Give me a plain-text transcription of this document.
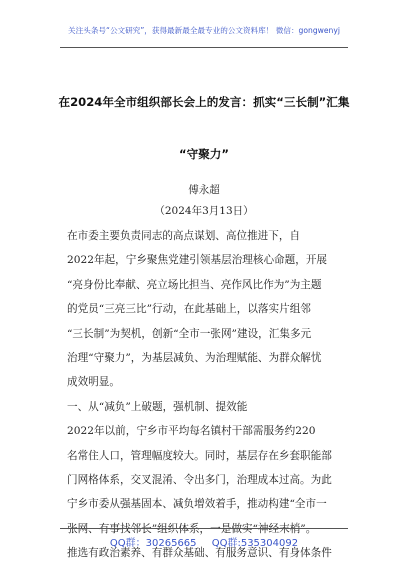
关注头条号“公文研究”，获得最新最全最专业的公文资料库！ 微信：gongwenyj
在2024年全市组织部长会上的发言：抓实“三长制”汇集
“守聚力”
傅永超
（2024年3月13日）
在市委主要负责同志的高点谋划、高位推进下，自
2022年起，宁乡聚焦党建引领基层治理核心命题，开展
“亮身份比奉献、亮立场比担当、亮作风比作为”为主题
的党员“三亮三比”行动，在此基础上，以落实片组邻
“三长制”为契机，创新“全市一张网”建设，汇集多元
治理“守聚力”，为基层减负、为治理赋能、为群众解忧
成效明显。
一、从“减负”上破题，强机制、提效能
2022年以前，宁乡市平均每名镇村干部需服务约220
名常住人口，管理幅度较大。同时，基层存在乡套职能部
门网格体系，交叉混淆、令出多门，治理成本过高。为此
宁乡市委从强基固本、减负增效着手，推动构建“全市一
张网、有事找邻长”组织体系，一是做实“神经末梢”。
推选有政治素养、有群众基础、有服务意识、有身体条件
QQ群：30265665 QQ群:535304092
